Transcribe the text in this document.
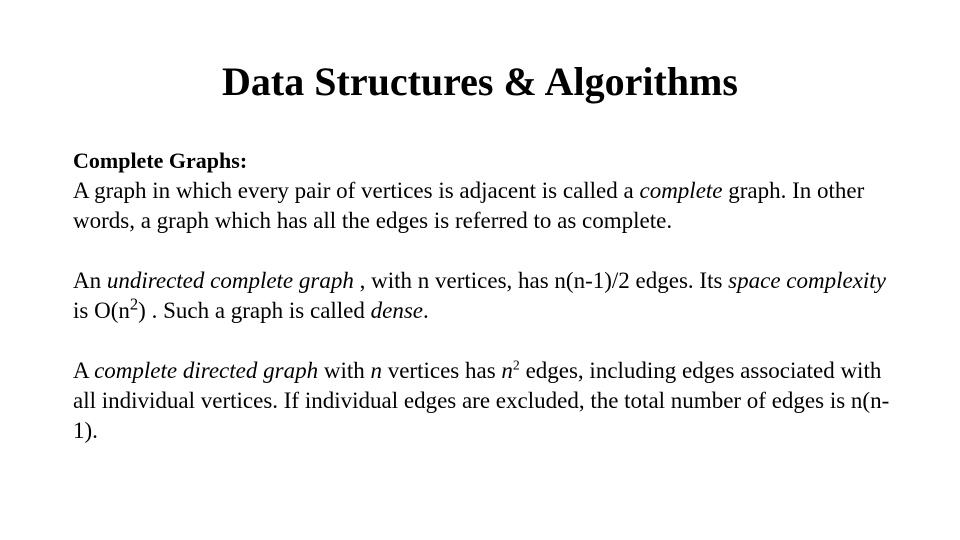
Data Structures & Algorithms

Complete Graphs:

A graph in which every pair of vertices is adjacent is called a complete graph. In other words, a graph which has all the edges is referred to as complete.

An undirected complete graph , with n vertices, has n(n-1)/2 edges. Its space complexity is $O(n^2)$ . Such a graph is called dense.

A complete directed graph with n vertices has $n^2$ edges, including edges associated with all individual vertices. If individual edges are excluded, the total number of edges is n(n-1).
